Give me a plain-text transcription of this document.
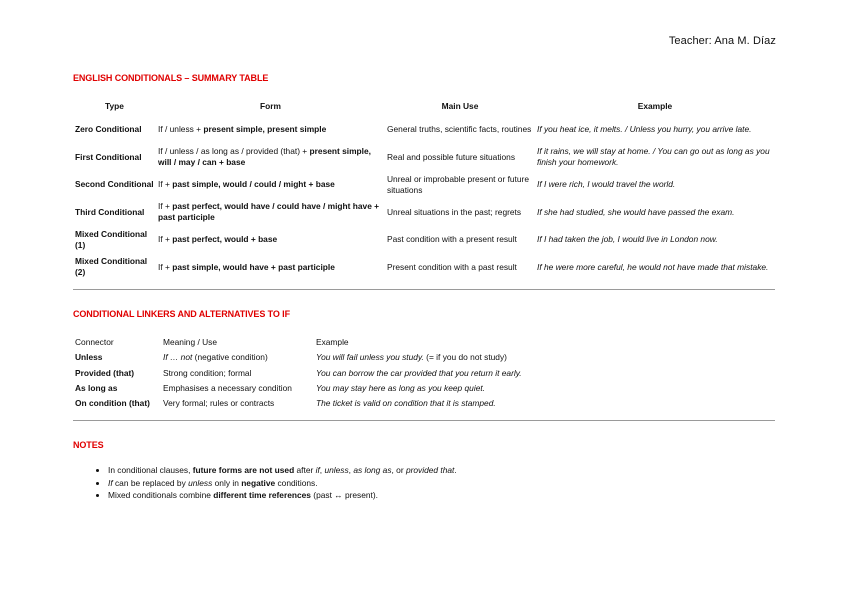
Teacher: Ana M. Díaz
ENGLISH CONDITIONALS – SUMMARY TABLE
Type	Form	Main Use	Example
Zero Conditional	If / unless + present simple, present simple	General truths, scientific facts, routines	If you heat ice, it melts. / Unless you hurry, you arrive late.
First Conditional	If / unless / as long as / provided (that) + present simple, will / may / can + base	Real and possible future situations	If it rains, we will stay at home. / You can go out as long as you finish your homework.
Second Conditional	If + past simple, would / could / might + base	Unreal or improbable present or future situations	If I were rich, I would travel the world.
Third Conditional	If + past perfect, would have / could have / might have + past participle	Unreal situations in the past; regrets	If she had studied, she would have passed the exam.
Mixed Conditional (1)	If + past perfect, would + base	Past condition with a present result	If I had taken the job, I would live in London now.
Mixed Conditional (2)	If + past simple, would have + past participle	Present condition with a past result	If he were more careful, he would not have made that mistake.
CONDITIONAL LINKERS AND ALTERNATIVES TO IF
Connector	Meaning / Use	Example
Unless	If … not (negative condition)	You will fail unless you study. (= if you do not study)
Provided (that)	Strong condition; formal	You can borrow the car provided that you return it early.
As long as	Emphasises a necessary condition	You may stay here as long as you keep quiet.
On condition (that)	Very formal; rules or contracts	The ticket is valid on condition that it is stamped.
NOTES
• In conditional clauses, future forms are not used after if, unless, as long as, or provided that.
• If can be replaced by unless only in negative conditions.
• Mixed conditionals combine different time references (past ↔ present).
